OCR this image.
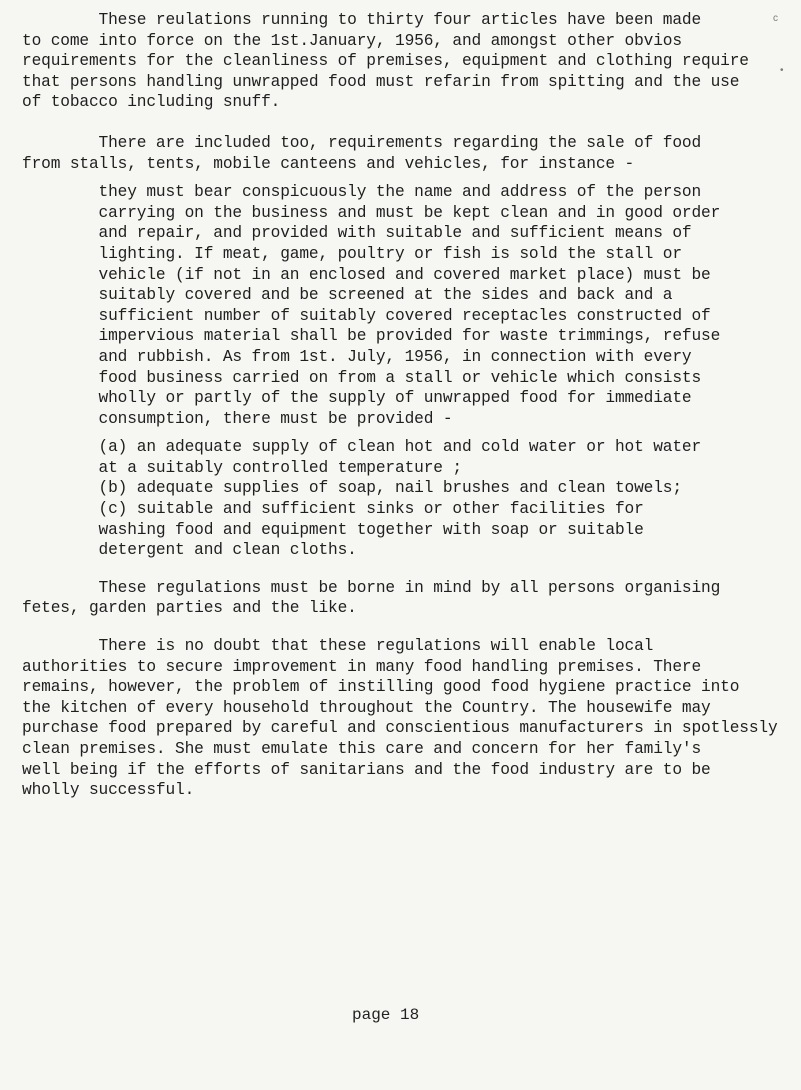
c
•
These reulations running to thirty four articles have been made
to come into force on the 1st.January, 1956, and amongst other obvios
requirements for the cleanliness of premises, equipment and clothing require
that persons handling unwrapped food must refarin from spitting and the use
of tobacco including snuff.
There are included too, requirements regarding the sale of food
from stalls, tents, mobile canteens and vehicles, for instance -
they must bear conspicuously the name and address of the person
carrying on the business and must be kept clean and in good order
and repair, and provided with suitable and sufficient means of
lighting. If meat, game, poultry or fish is sold the stall or
vehicle (if not in an enclosed and covered market place) must be
suitably covered and be screened at the sides and back and a
sufficient number of suitably covered receptacles constructed of
impervious material shall be provided for waste trimmings, refuse
and rubbish. As from 1st. July, 1956, in connection with every
food business carried on from a stall or vehicle which consists
wholly or partly of the supply of unwrapped food for immediate
consumption, there must be provided -
(a) an adequate supply of clean hot and cold water or hot water
at a suitably controlled temperature ;
(b) adequate supplies of soap, nail brushes and clean towels;
(c) suitable and sufficient sinks or other facilities for
washing food and equipment together with soap or suitable
detergent and clean cloths.
These regulations must be borne in mind by all persons organising
fetes, garden parties and the like.
There is no doubt that these regulations will enable local
authorities to secure improvement in many food handling premises. There
remains, however, the problem of instilling good food hygiene practice into
the kitchen of every household throughout the Country. The housewife may
purchase food prepared by careful and conscientious manufacturers in spotlessly
clean premises. She must emulate this care and concern for her family's
well being if the efforts of sanitarians and the food industry are to be
wholly successful.
page 18
